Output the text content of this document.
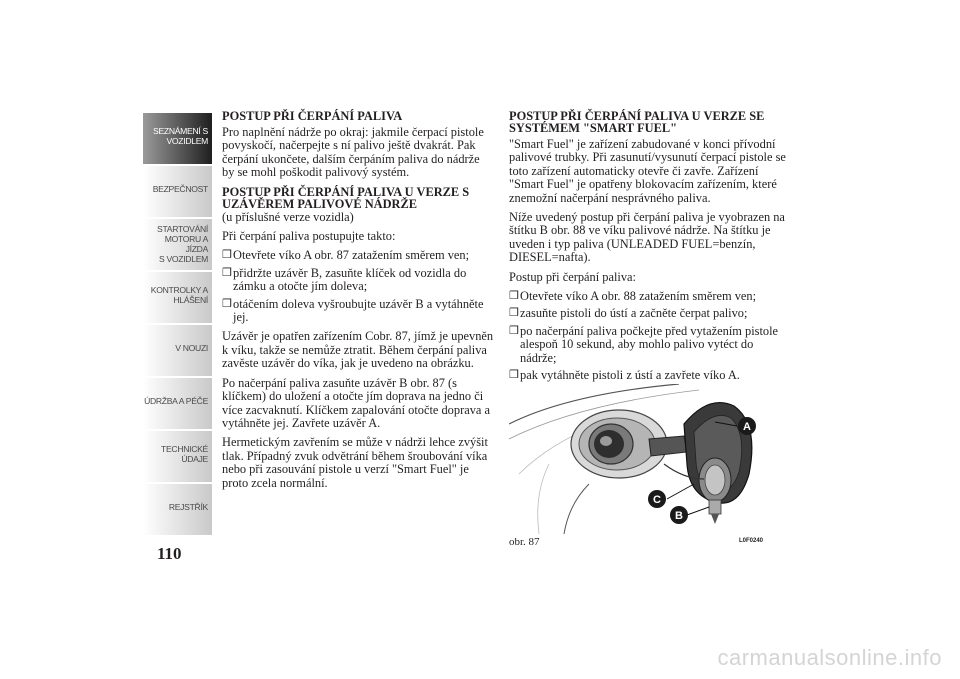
SEZNÁMENÍ S
VOZIDLEM
BEZPEČNOST
STARTOVÁNÍ
MOTORU A JÍZDA
S VOZIDLEM
KONTROLKY A
HLÁŠENÍ
V NOUZI
ÚDRŽBA A PÉČE
TECHNICKÉ
ÚDAJE
REJSTŘÍK
110
POSTUP PŘI ČERPÁNÍ PALIVA

Pro naplnění nádrže po okraj: jakmile čerpací pistole povyskočí, načerpejte s ní palivo ještě dvakrát. Pak čerpání ukončete, dalším čerpáním paliva do nádrže by se mohl poškodit palivový systém.

POSTUP PŘI ČERPÁNÍ PALIVA U VERZE S UZÁVĚREM PALIVOVÉ NÁDRŽE
(u příslušné verze vozidla)

Při čerpání paliva postupujte takto:

❒ Otevřete víko A obr. 87 zatažením směrem ven;
❒ přidržte uzávěr B, zasuňte klíček od vozidla do zámku a otočte jím doleva;
❒ otáčením doleva vyšroubujte uzávěr B a vytáhněte jej.

Uzávěr je opatřen zařízením Cobr. 87, jímž je upevněn k víku, takže se nemůže ztratit. Během čerpání paliva zavěste uzávěr do víka, jak je uvedeno na obrázku.

Po načerpání paliva zasuňte uzávěr B obr. 87 (s klíčkem) do uložení a otočte jím doprava na jedno či více zacvaknutí. Klíčkem zapalování otočte doprava a vytáhněte jej. Zavřete uzávěr A.

Hermetickým zavřením se může v nádrži lehce zvýšit tlak. Případný zvuk odvětrání během šroubování víka nebo při zasouvání pistole u verzí "Smart Fuel" je proto zcela normální.

POSTUP PŘI ČERPÁNÍ PALIVA U VERZE SE SYSTÉMEM "SMART FUEL"

"Smart Fuel" je zařízení zabudované v konci přívodní palivové trubky. Při zasunutí/vysunutí čerpací pistole se toto zařízení automaticky otevře či zavře. Zařízení "Smart Fuel" je opatřeny blokovacím zařízením, které znemožní načerpání nesprávného paliva.

Níže uvedený postup při čerpání paliva je vyobrazen na štítku B obr. 88 ve víku palivové nádrže. Na štítku je uveden i typ paliva (UNLEADED FUEL=benzín, DIESEL=nafta).

Postup při čerpání paliva:

❒ Otevřete víko A obr. 88 zatažením směrem ven;
❒ zasuňte pistoli do ústí a začněte čerpat palivo;
❒ po načerpání paliva počkejte před vytažením pistole alespoň 10 sekund, aby mohlo palivo vytéct do nádrže;
❒ pak vytáhněte pistoli z ústí a zavřete víko A.
A
B
C
obr. 87	L0F0240
carmanualsonline.info
